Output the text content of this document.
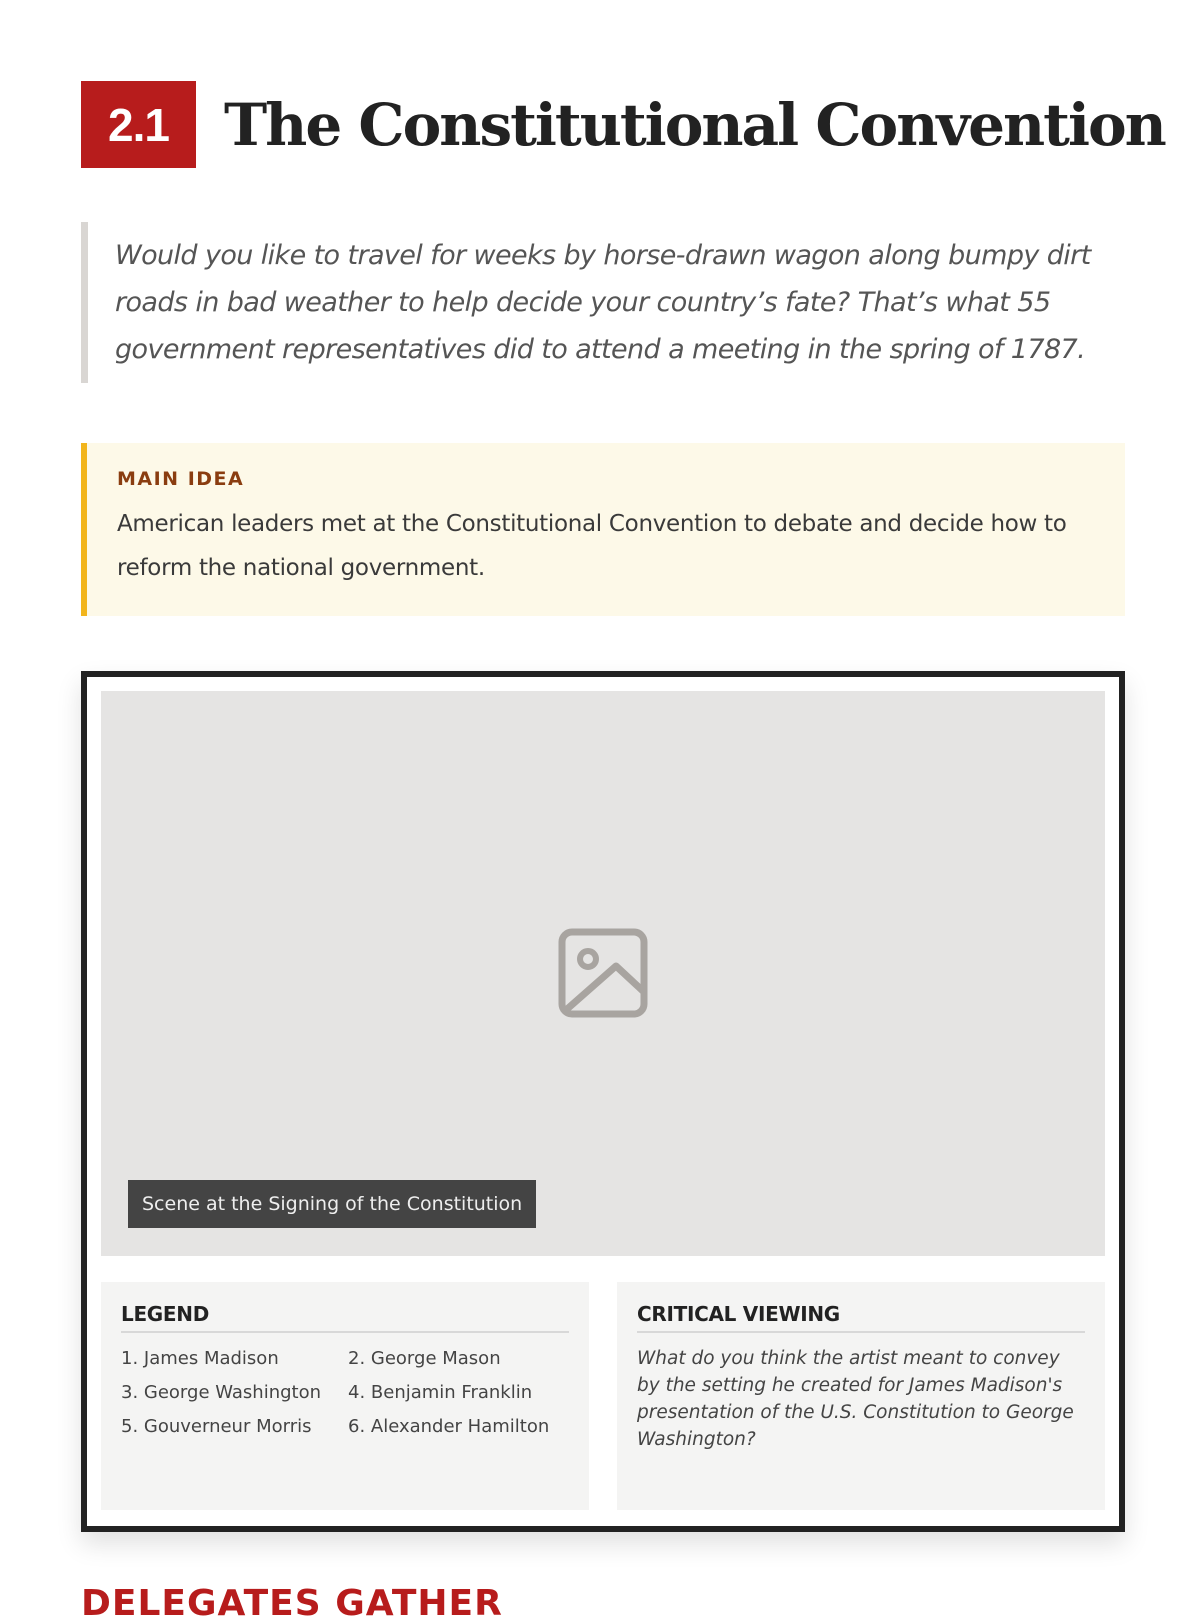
2.1 The Constitutional Convention
Would you like to travel for weeks by horse-drawn wagon along bumpy dirt roads in bad weather to help decide your country’s fate? That’s what 55 government representatives did to attend a meeting in the spring of 1787.
MAIN IDEA
American leaders met at the Constitutional Convention to debate and decide how to reform the national government.
Scene at the Signing of the Constitution
LEGEND
1. James Madison	2. George Mason
3. George Washington	4. Benjamin Franklin
5. Gouverneur Morris	6. Alexander Hamilton
CRITICAL VIEWING
What do you think the artist meant to convey by the setting he created for James Madison's presentation of the U.S. Constitution to George Washington?
DELEGATES GATHER
